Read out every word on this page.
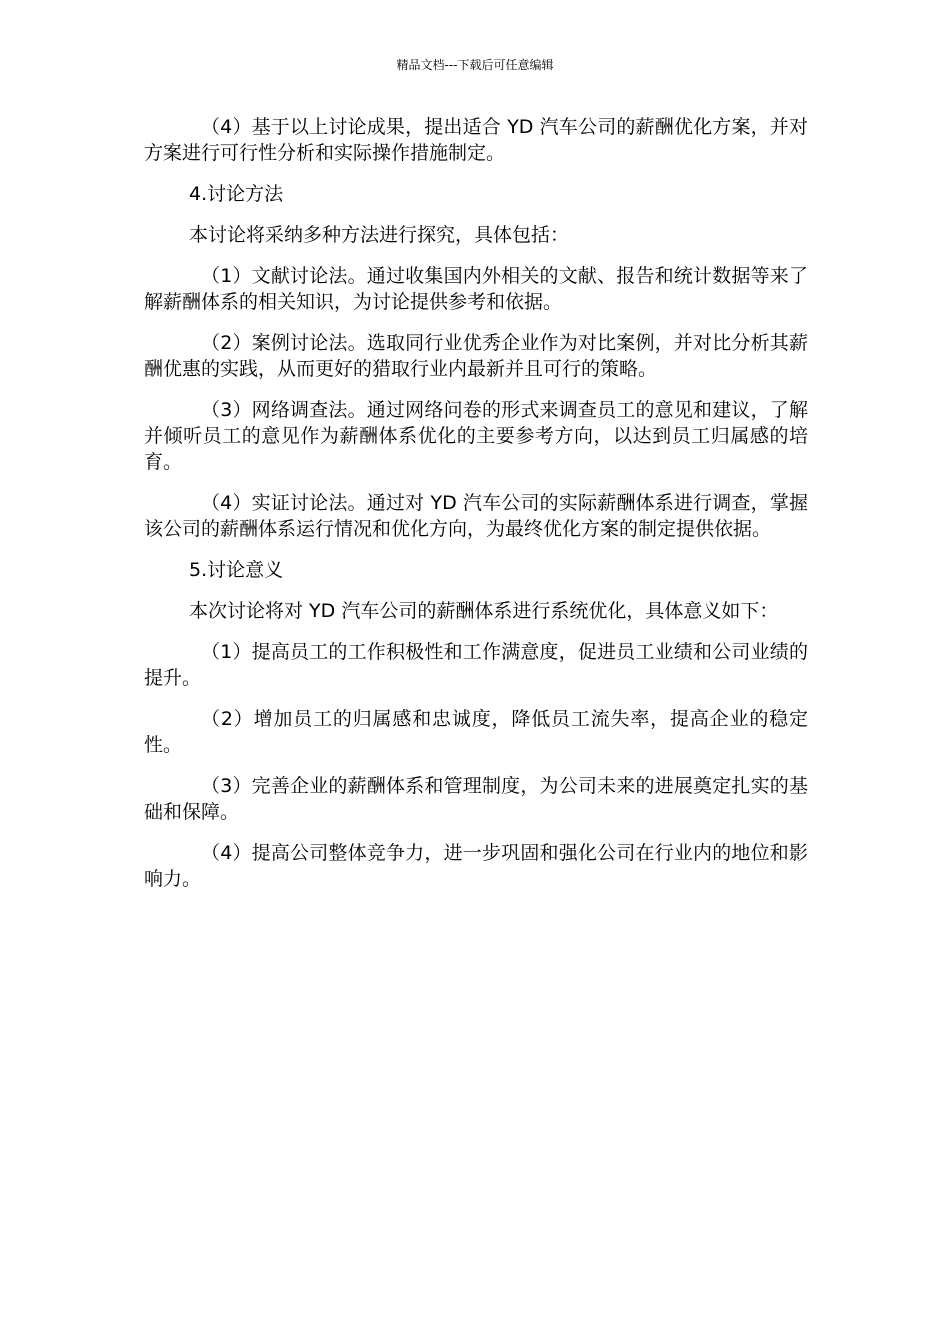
精品文档---下载后可任意编辑

（4）基于以上讨论成果，提出适合 YD 汽车公司的薪酬优化方案，并对方案进行可行性分析和实际操作措施制定。

4.讨论方法

本讨论将采纳多种方法进行探究，具体包括：

（1）文献讨论法。通过收集国内外相关的文献、报告和统计数据等来了解薪酬体系的相关知识，为讨论提供参考和依据。

（2）案例讨论法。选取同行业优秀企业作为对比案例，并对比分析其薪酬优惠的实践，从而更好的猎取行业内最新并且可行的策略。

（3）网络调查法。通过网络问卷的形式来调查员工的意见和建议，了解并倾听员工的意见作为薪酬体系优化的主要参考方向，以达到员工归属感的培育。

（4）实证讨论法。通过对 YD 汽车公司的实际薪酬体系进行调查，掌握该公司的薪酬体系运行情况和优化方向，为最终优化方案的制定提供依据。

5.讨论意义

本次讨论将对 YD 汽车公司的薪酬体系进行系统优化，具体意义如下：

（1）提高员工的工作积极性和工作满意度，促进员工业绩和公司业绩的提升。

（2）增加员工的归属感和忠诚度，降低员工流失率，提高企业的稳定性。

（3）完善企业的薪酬体系和管理制度，为公司未来的进展奠定扎实的基础和保障。

（4）提高公司整体竞争力，进一步巩固和强化公司在行业内的地位和影响力。
